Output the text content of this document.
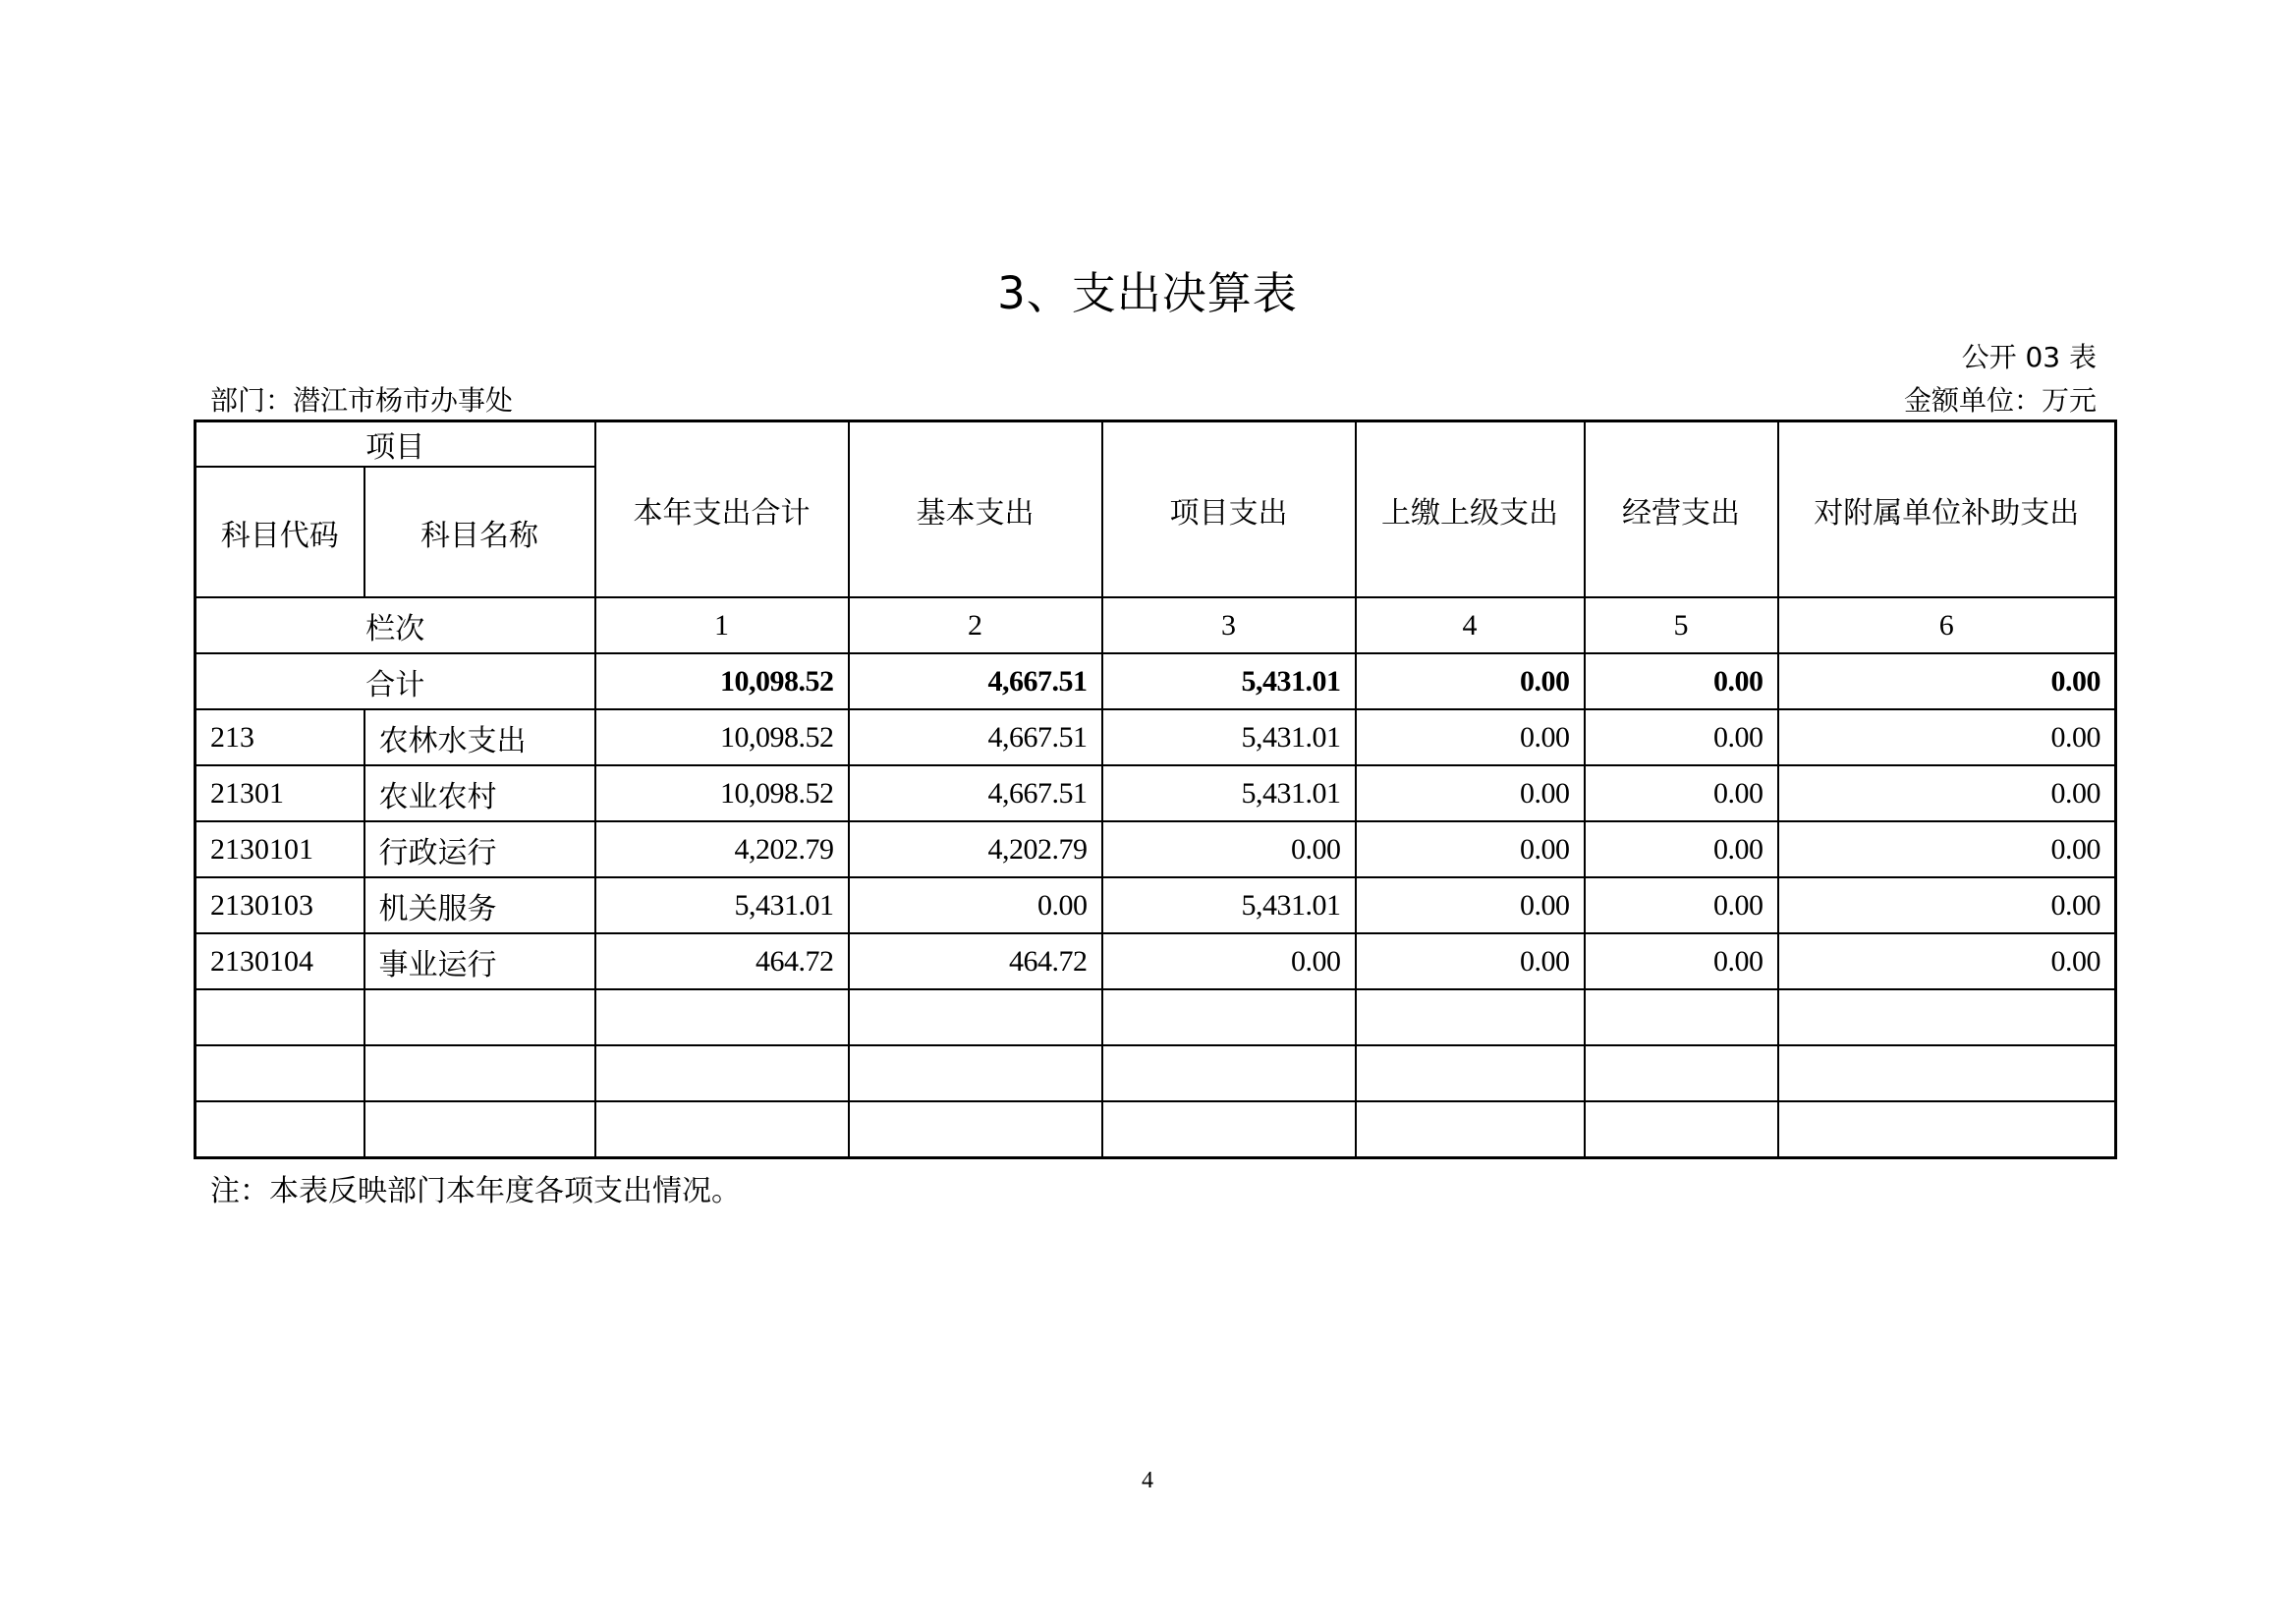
3、支出决算表
公开 03 表
部门：潜江市杨市办事处	金额单位：万元
项目		本年支出合计	基本支出	项目支出	上缴上级支出	经营支出	对附属单位补助支出
科目代码	科目名称						
栏次		1	2	3	4	5	6
合计		10,098.52	4,667.51	5,431.01	0.00	0.00	0.00
213	农林水支出	10,098.52	4,667.51	5,431.01	0.00	0.00	0.00
21301	农业农村	10,098.52	4,667.51	5,431.01	0.00	0.00	0.00
2130101	行政运行	4,202.79	4,202.79	0.00	0.00	0.00	0.00
2130103	机关服务	5,431.01	0.00	5,431.01	0.00	0.00	0.00
2130104	事业运行	464.72	464.72	0.00	0.00	0.00	0.00

注：本表反映部门本年度各项支出情况。
4
